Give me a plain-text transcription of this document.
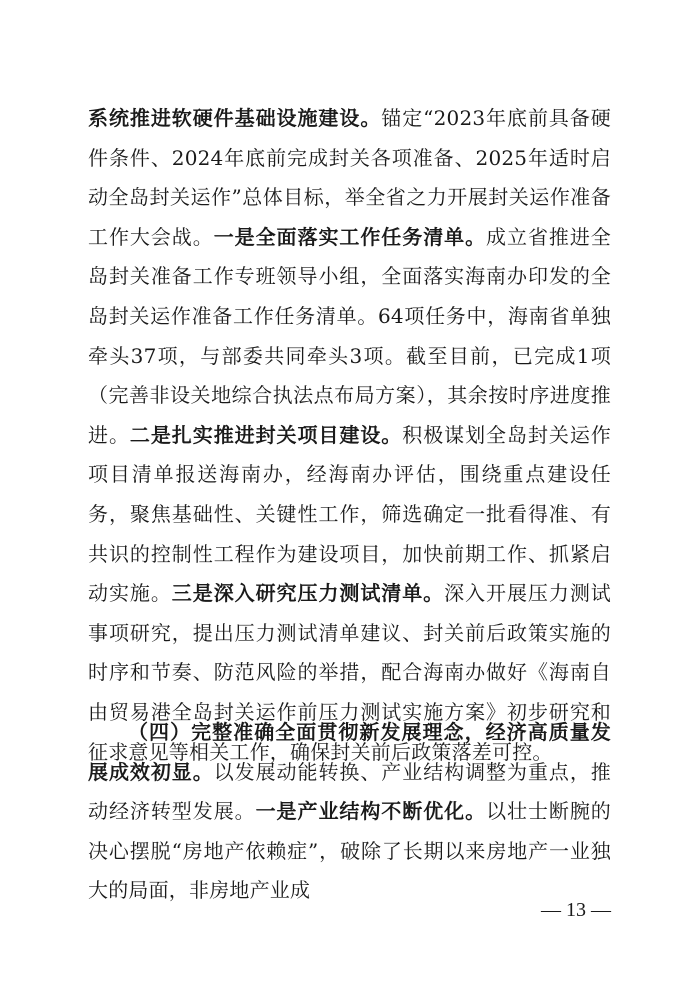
系统推进软硬件基础设施建设。锚定“2023年底前具备硬件条件、2024年底前完成封关各项准备、2025年适时启动全岛封关运作”总体目标，举全省之力开展封关运作准备工作大会战。一是全面落实工作任务清单。成立省推进全岛封关准备工作专班领导小组，全面落实海南办印发的全岛封关运作准备工作任务清单。64项任务中，海南省单独牵头37项，与部委共同牵头3项。截至目前，已完成1项（完善非设关地综合执法点布局方案），其余按时序进度推进。二是扎实推进封关项目建设。积极谋划全岛封关运作项目清单报送海南办，经海南办评估，围绕重点建设任务，聚焦基础性、关键性工作，筛选确定一批看得准、有共识的控制性工程作为建设项目，加快前期工作、抓紧启动实施。三是深入研究压力测试清单。深入开展压力测试事项研究，提出压力测试清单建议、封关前后政策实施的时序和节奏、防范风险的举措，配合海南办做好《海南自由贸易港全岛封关运作前压力测试实施方案》初步研究和征求意见等相关工作，确保封关前后政策落差可控。

（四）完整准确全面贯彻新发展理念，经济高质量发展成效初显。以发展动能转换、产业结构调整为重点，推动经济转型发展。一是产业结构不断优化。以壮士断腕的决心摆脱“房地产依赖症”，破除了长期以来房地产一业独大的局面，非房地产业成

— 13 —
